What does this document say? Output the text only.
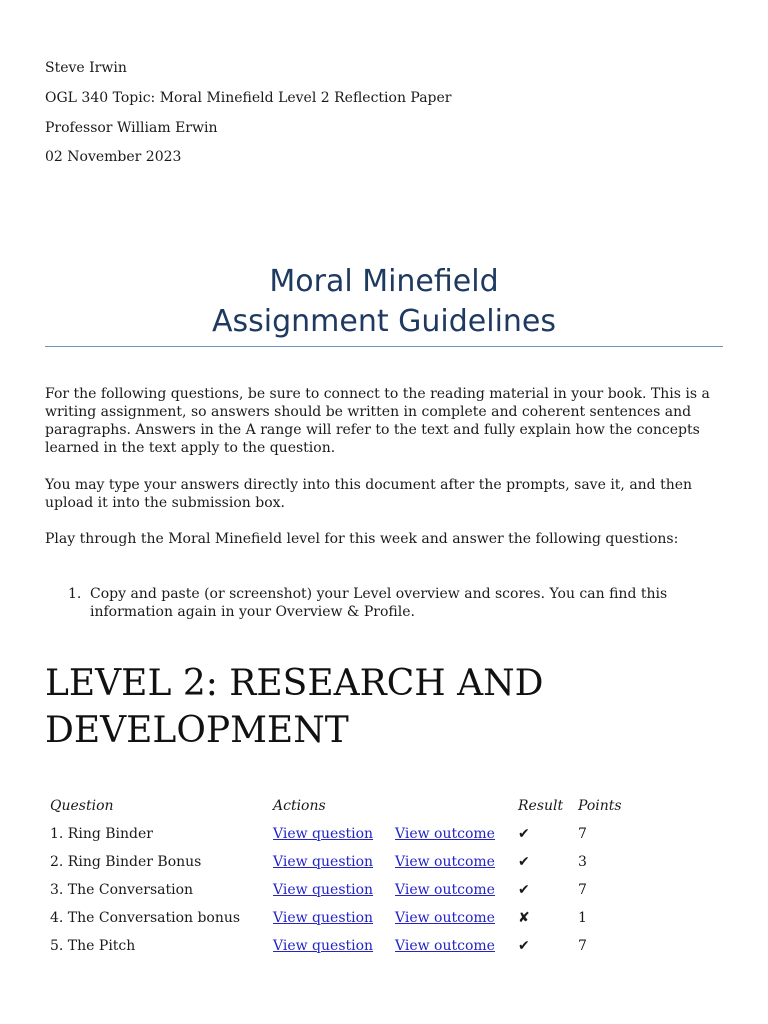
Steve Irwin

OGL 340 Topic: Moral Minefield Level 2 Reflection Paper

Professor William Erwin

02 November 2023

Moral Minefield
Assignment Guidelines

For the following questions, be sure to connect to the reading material in your book. This is a writing assignment, so answers should be written in complete and coherent sentences and paragraphs. Answers in the A range will refer to the text and fully explain how the concepts learned in the text apply to the question.

You may type your answers directly into this document after the prompts, save it, and then upload it into the submission box.

Play through the Moral Minefield level for this week and answer the following questions:

1. Copy and paste (or screenshot) your Level overview and scores. You can find this information again in your Overview & Profile.
LEVEL 2: RESEARCH AND DEVELOPMENT
Question	Actions		Result	Points
1. Ring Binder	View question	View outcome	✔	7
2. Ring Binder Bonus	View question	View outcome	✔	3
3. The Conversation	View question	View outcome	✔	7
4. The Conversation bonus	View question	View outcome	✘	1
5. The Pitch	View question	View outcome	✔	7
